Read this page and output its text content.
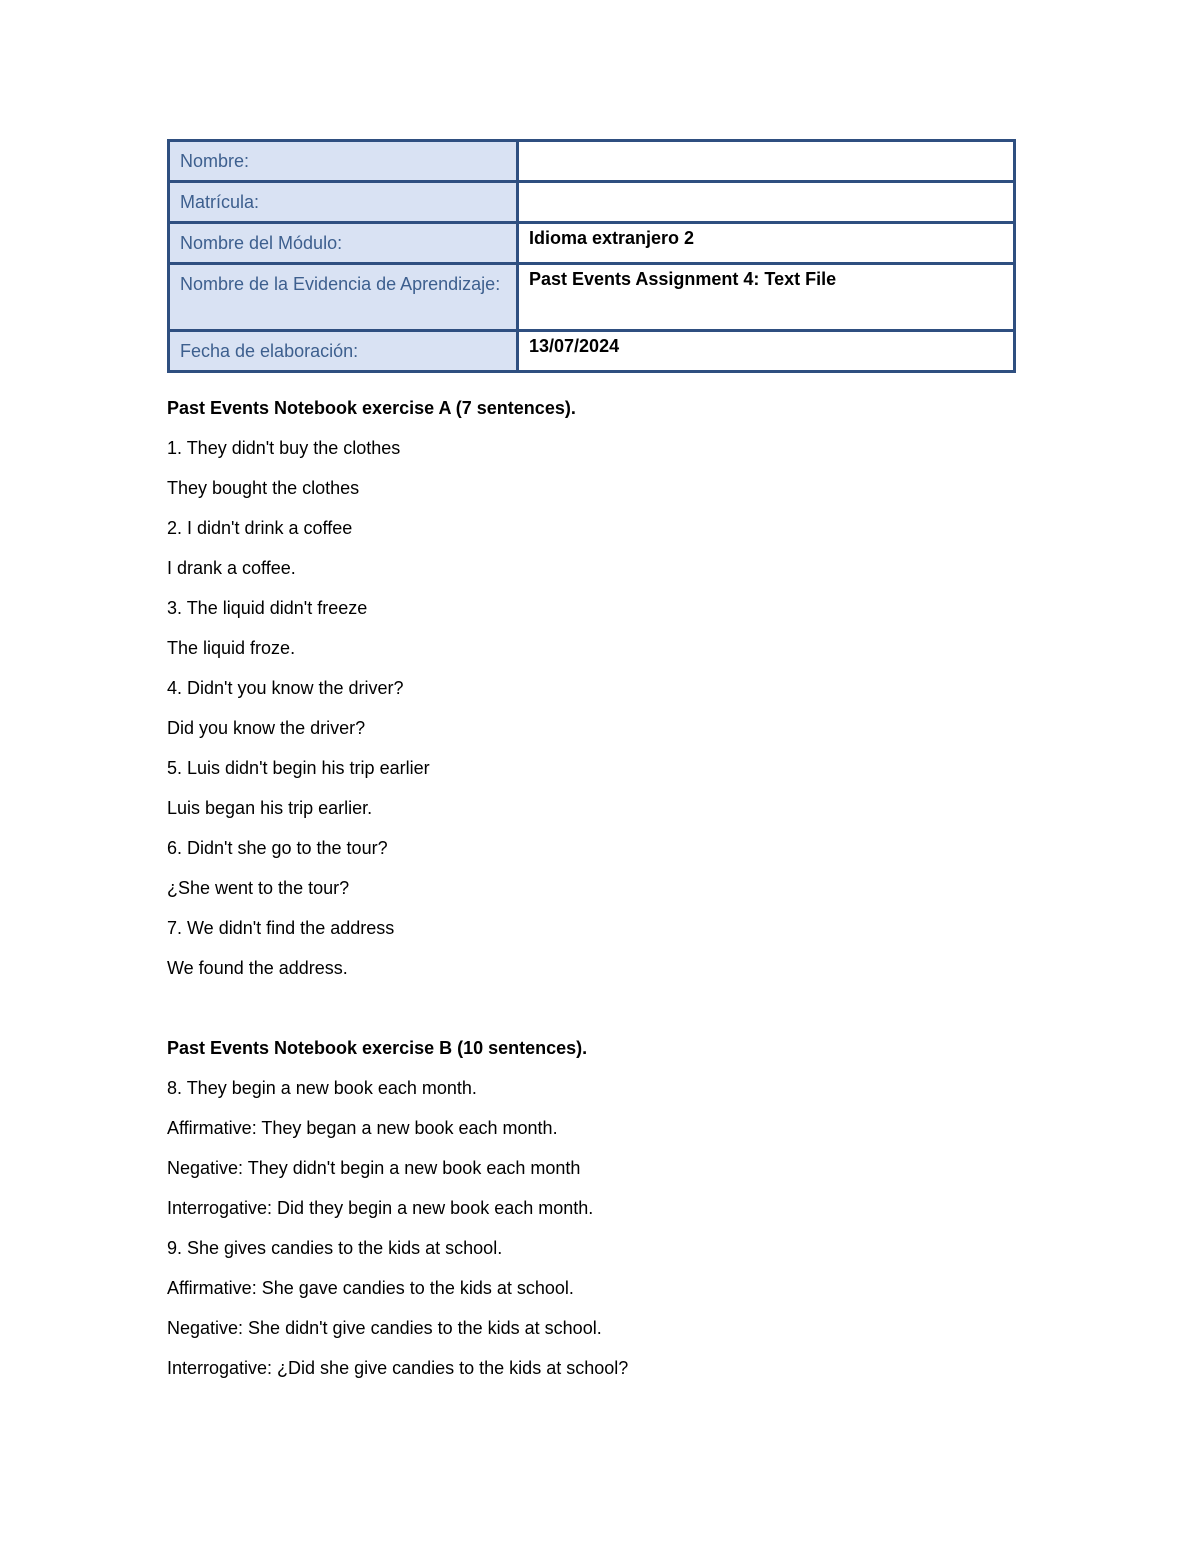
Nombre:	
Matrícula:	
Nombre del Módulo:	Idioma extranjero 2
Nombre de la Evidencia de Aprendizaje:	Past Events Assignment 4: Text File
Fecha de elaboración:	13/07/2024
Past Events Notebook exercise A (7 sentences).
1. They didn't buy the clothes
They bought the clothes
2. I didn't drink a coffee
I drank a coffee.
3. The liquid didn't freeze
The liquid froze.
4. Didn't you know the driver?
Did you know the driver?
5. Luis didn't begin his trip earlier
Luis began his trip earlier.
6. Didn't she go to the tour?
¿She went to the tour?
7. We didn't find the address
We found the address.
Past Events Notebook exercise B (10 sentences).
8. They begin a new book each month.
Affirmative: They began a new book each month.
Negative: They didn't begin a new book each month
Interrogative: Did they begin a new book each month.
9. She gives candies to the kids at school.
Affirmative: She gave candies to the kids at school.
Negative: She didn't give candies to the kids at school.
Interrogative: ¿Did she give candies to the kids at school?
